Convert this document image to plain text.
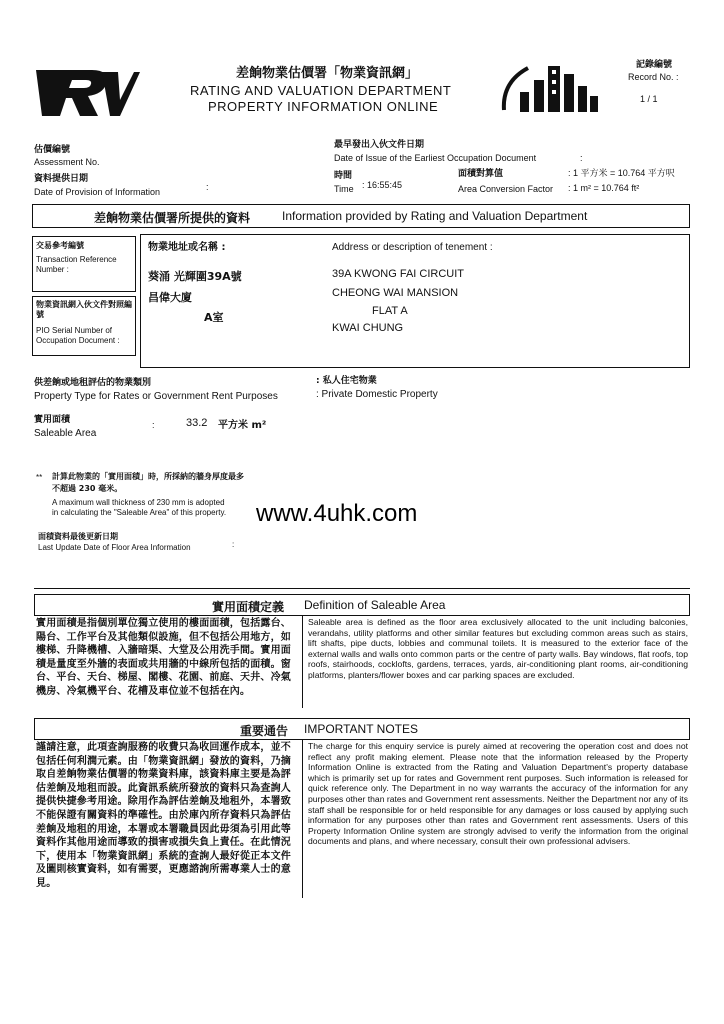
差餉物業估價署「物業資訊網」
RATING AND VALUATION DEPARTMENT
PROPERTY INFORMATION ONLINE
記錄編號
Record No. :
1 / 1
估價編號
Assessment No.
資料提供日期
Date of Provision of Information	:
最早發出入伙文件日期
Date of Issue of the Earliest Occupation Document	:
時間
Time : 16:55:45
面積對算值
Area Conversion Factor
: 1 平方米 = 10.764 平方呎
: 1 m² = 10.764 ft²
差餉物業估價署所提供的資料	Information provided by Rating and Valuation Department
交易參考編號
Transaction Reference Number :
物業資訊網入伙文件對照編號
PIO Serial Number of Occupation Document :
物業地址或名稱 :	Address or description of tenement :
葵涌 光輝圍39A號
昌偉大廈
A室
39A KWONG FAI CIRCUIT
CHEONG WAI MANSION
FLAT A
KWAI CHUNG
供差餉或地租評估的物業類別
Property Type for Rates or Government Rent Purposes
: 私人住宅物業
: Private Domestic Property
實用面積
Saleable Area
:	33.2 平方米 m²
** 計算此物業的「實用面積」時，所採納的牆身厚度最多
不超過 230 毫米。
A maximum wall thickness of 230 mm is adopted
in calculating the "Saleable Area" of this property. www.4uhk.com
面積資料最後更新日期
Last Update Date of Floor Area Information	:
實用面積定義 Definition of Saleable Area
實用面積是指個別單位獨立使用的樓面面積，包括露台、陽台、工作平台及其他類似設施，但不包括公用地方，如樓梯、升降機槽、入牆暗渠、大堂及公用洗手間。實用面積是量度至外牆的表面或共用牆的中線所包括的面積。窗台、平台、天台、梯屋、閣樓、花園、前庭、天井、冷氣機房、冷氣機平台、花槽及車位並不包括在內。
Saleable area is defined as the floor area exclusively allocated to the unit including balconies, verandahs, utility platforms and other similar features but excluding common areas such as stairs, lift shafts, pipe ducts, lobbies and communal toilets. It is measured to the exterior face of the external walls and walls onto common parts or the centre of party walls. Bay windows, flat roofs, top roofs, stairhoods, cocklofts, gardens, terraces, yards, air-conditioning plant rooms, air-conditioning platforms, planters/flower boxes and car parking spaces are excluded.
重要通告 IMPORTANT NOTES
謹請注意，此項查詢服務的收費只為收回運作成本，並不包括任何利潤元素。由「物業資訊網」發放的資料，乃摘取自差餉物業估價署的物業資料庫，該資料庫主要是為評估差餉及地租而設。此資訊系統所發放的資料只為查詢人提供快捷參考用途。除用作為評估差餉及地租外，本署致不能保證有關資料的準確性。由於庫內所存資料只為評估差餉及地租的用途，本署或本署職員因此毋須為引用此等資料作其他用途而導致的損害或損失負上責任。在此情況下，使用本「物業資訊網」系統的查詢人最好從正本文件及圖則核實資料，如有需要，更應諮詢所需專業人士的意見。
The charge for this enquiry service is purely aimed at recovering the operation cost and does not reflect any profit making element. Please note that the information released by the Property Information Online is extracted from the Rating and Valuation Department's property database which is primarily set up for rates and Government rent purposes. Such information is released for quick reference only. The Department in no way warrants the accuracy of the information for any purposes other than rates and Government rent assessments. Neither the Department nor any of its staff shall be responsible for or held responsible for any damages or loss caused by applying such information for any purposes other than rates and Government rent assessments. Users of this Property Information Online system are strongly advised to verify the information from the original documents and plans, and where necessary, consult their own professional advisers.
